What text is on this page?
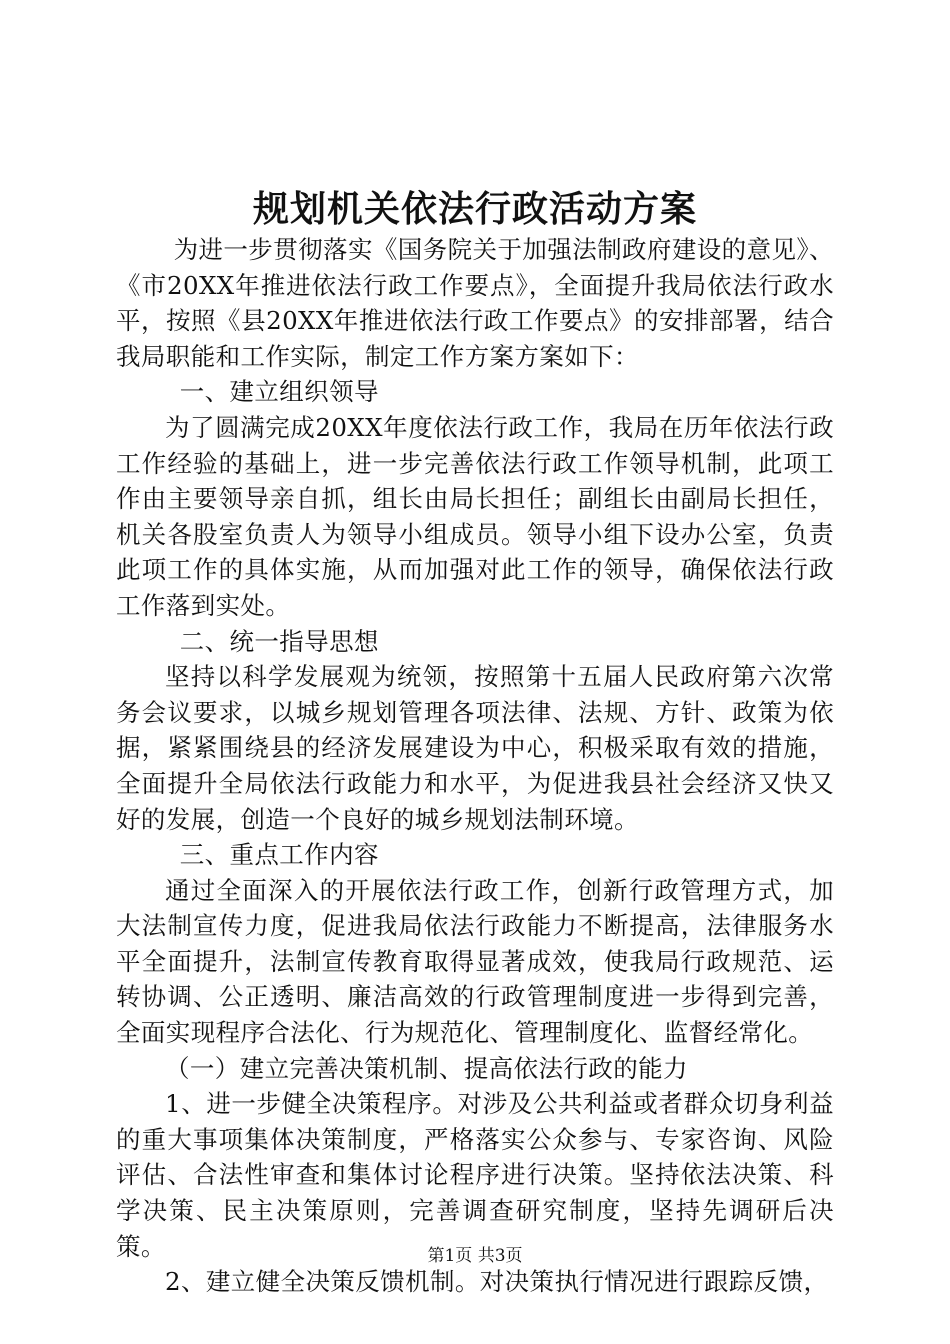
规划机关依法行政活动方案

为进一步贯彻落实《国务院关于加强法制政府建设的意见》、《市20XX年推进依法行政工作要点》，全面提升我局依法行政水平，按照《县20XX年推进依法行政工作要点》的安排部署，结合我局职能和工作实际，制定工作方案方案如下：

一、建立组织领导

为了圆满完成20XX年度依法行政工作，我局在历年依法行政工作经验的基础上，进一步完善依法行政工作领导机制，此项工作由主要领导亲自抓，组长由局长担任；副组长由副局长担任，机关各股室负责人为领导小组成员。领导小组下设办公室，负责此项工作的具体实施，从而加强对此工作的领导，确保依法行政工作落到实处。

二、统一指导思想

坚持以科学发展观为统领，按照第十五届人民政府第六次常务会议要求，以城乡规划管理各项法律、法规、方针、政策为依据，紧紧围绕县的经济发展建设为中心，积极采取有效的措施，全面提升全局依法行政能力和水平，为促进我县社会经济又快又好的发展，创造一个良好的城乡规划法制环境。

三、重点工作内容

通过全面深入的开展依法行政工作，创新行政管理方式，加大法制宣传力度，促进我局依法行政能力不断提高，法律服务水平全面提升，法制宣传教育取得显著成效，使我局行政规范、运转协调、公正透明、廉洁高效的行政管理制度进一步得到完善，全面实现程序合法化、行为规范化、管理制度化、监督经常化。

（一）建立完善决策机制、提高依法行政的能力

1、进一步健全决策程序。对涉及公共利益或者群众切身利益的重大事项集体决策制度，严格落实公众参与、专家咨询、风险评估、合法性审查和集体讨论程序进行决策。坚持依法决策、科学决策、民主决策原则，完善调查研究制度，坚持先调研后决策。

2、建立健全决策反馈机制。对决策执行情况进行跟踪反馈，

第1页 共3页
